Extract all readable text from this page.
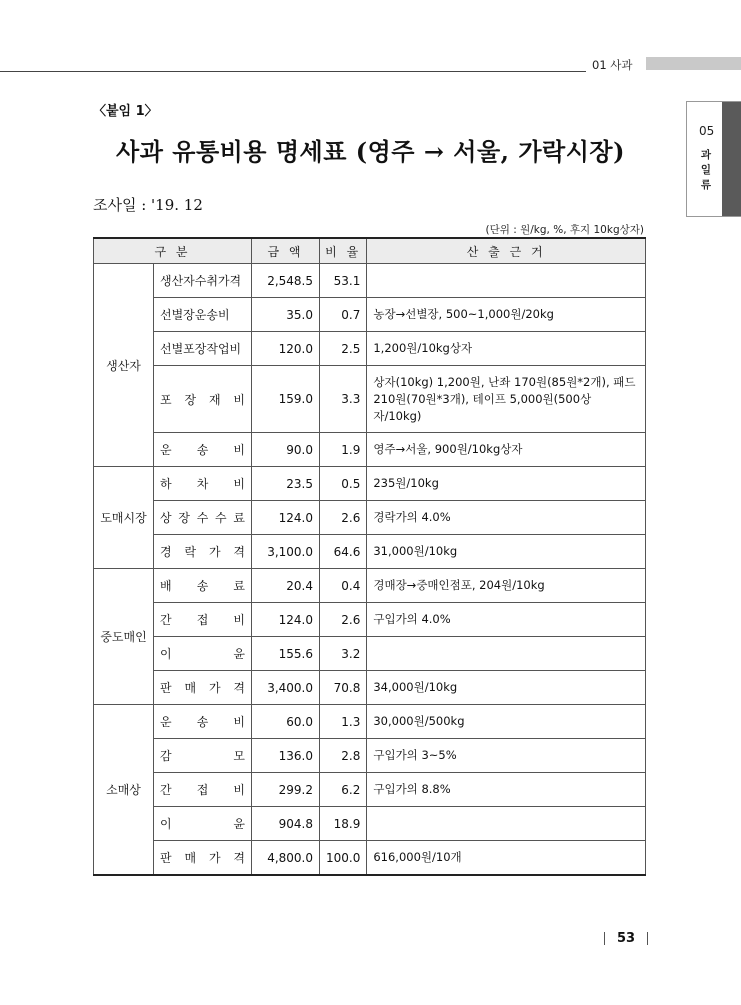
01 사과
05
과일류
〈붙임 1〉
사과 유통비용 명세표 (영주 → 서울, 가락시장)
조사일 : '19. 12
(단위 : 원/kg, %, 후지 10kg상자)
구 분		금 액	비 율	산 출 근 거
생산자	생산자수취가격	2,548.5	53.1	
	선별장운송비	35.0	0.7	농장→선별장, 500~1,000원/20kg
	선별포장작업비	120.0	2.5	1,200원/10kg상자

	포 장 재 비	159.0	3.3	상자(10kg) 1,200원, 난좌 170원(85원*2개), 패드 210원(70원*3개), 테이프 5,000원(500상자/10kg)

	운 송 비	90.0	1.9	영주→서울, 900원/10kg상자
도매시장	하 차 비	23.5	0.5	235원/10kg

	상 장 수 수 료	124.0	2.6	경락가의 4.0%

	경 락 가 격	3,100.0	64.6	31,000원/10kg
중도매인	배 송 료	20.4	0.4	경매장→중매인점포, 204원/10kg

	간 접 비	124.0	2.6	구입가의 4.0%

	이 윤	155.6	3.2	

	판 매 가 격	3,400.0	70.8	34,000원/10kg
소매상	운 송 비	60.0	1.3	30,000원/500kg

	감 모	136.0	2.8	구입가의 3~5%

	간 접 비	299.2	6.2	구입가의 8.8%

	이 윤	904.8	18.9	

	판 매 가 격	4,800.0	100.0	616,000원/10개
53
